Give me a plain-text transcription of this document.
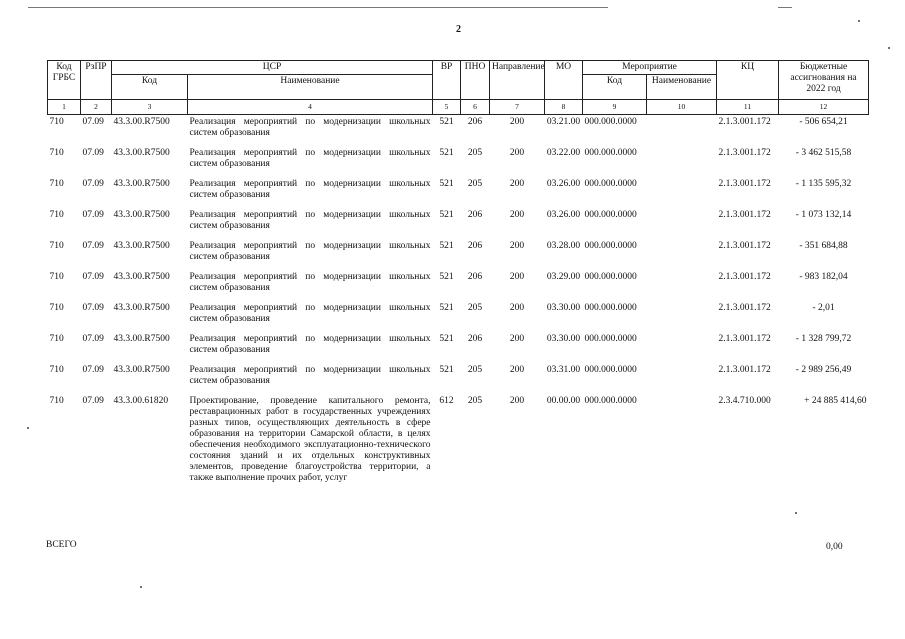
2
Код ГРБС	РзПР	ЦСР		ВР	ПНО	Направление	МО	Мероприятие		КЦ	Бюджетные ассигнования на 2022 год
		Код	Наименование					Код	Наименование		
1	2	3	4	5	6	7	8	9	10	11	12
710	07.09	43.3.00.R7500	Реализация мероприятий по модернизации школьных систем образования	521	206	200	03.21.00	000.000.0000		2.1.3.001.172	- 506 654,21

710	07.09	43.3.00.R7500	Реализация мероприятий по модернизации школьных систем образования	521	205	200	03.22.00	000.000.0000		2.1.3.001.172	- 3 462 515,58

710	07.09	43.3.00.R7500	Реализация мероприятий по модернизации школьных систем образования	521	205	200	03.26.00	000.000.0000		2.1.3.001.172	- 1 135 595,32

710	07.09	43.3.00.R7500	Реализация мероприятий по модернизации школьных систем образования	521	206	200	03.26.00	000.000.0000		2.1.3.001.172	- 1 073 132,14

710	07.09	43.3.00.R7500	Реализация мероприятий по модернизации школьных систем образования	521	206	200	03.28.00	000.000.0000		2.1.3.001.172	- 351 684,88

710	07.09	43.3.00.R7500	Реализация мероприятий по модернизации школьных систем образования	521	206	200	03.29.00	000.000.0000		2.1.3.001.172	- 983 182,04

710	07.09	43.3.00.R7500	Реализация мероприятий по модернизации школьных систем образования	521	205	200	03.30.00	000.000.0000		2.1.3.001.172	- 2,01

710	07.09	43.3.00.R7500	Реализация мероприятий по модернизации школьных систем образования	521	206	200	03.30.00	000.000.0000		2.1.3.001.172	- 1 328 799,72

710	07.09	43.3.00.R7500	Реализация мероприятий по модернизации школьных систем образования	521	205	200	03.31.00	000.000.0000		2.1.3.001.172	- 2 989 256,49

710	07.09	43.3.00.61820	Проектирование, проведение капитального ремонта, реставрационных работ в государственных учреждениях разных типов, осуществляющих деятельность в сфере образования на территории Самарской области, в целях обеспечения необходимого эксплуатационно-технического состояния зданий и их отдельных конструктивных элементов, проведение благоустройства территории, а также выполнение прочих работ, услуг	612	205	200	00.00.00	000.000.0000		2.3.4.710.000	+ 24 885 414,60
ВСЕГО	0,00
